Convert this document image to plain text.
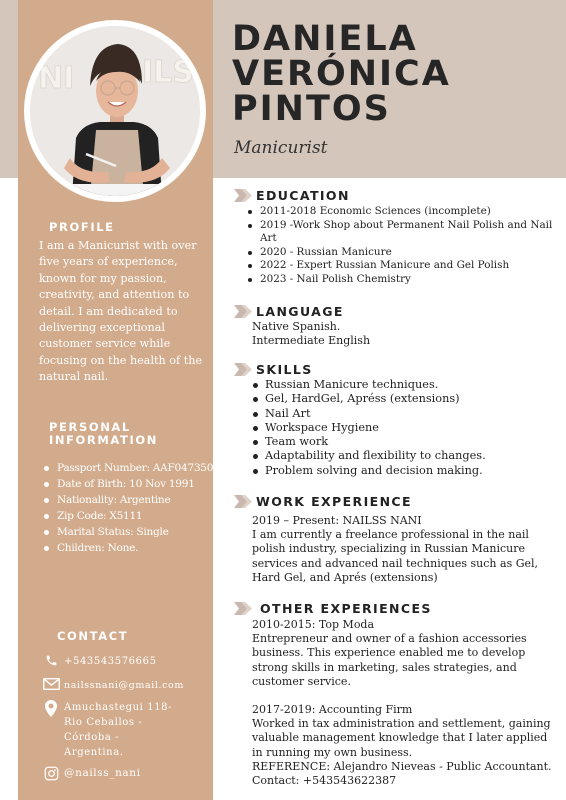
NI ILS
DANIELA
VERÓNICA
PINTOS
Manicurist
PROFILE
I am a Manicurist with over five years of experience, known for my passion, creativity, and attention to detail. I am dedicated to delivering exceptional customer service while focusing on the health of the natural nail.
PERSONAL
INFORMATION
Passport Number: AAF047350
Date of Birth: 10 Nov 1991
Nationality: Argentine
Zip Code: X5111
Marital Status: Single
Children: None.
CONTACT
+543543576665
nailssnani@gmail.com
Amuchastegui 118-
Rio Ceballos -
Córdoba -
Argentina.
@nailss_nani
EDUCATION
2011-2018 Economic Sciences (incomplete)
2019 -Work Shop about Permanent Nail Polish and Nail Art
2020 - Russian Manicure
2022 - Expert Russian Manicure and Gel Polish
2023 - Nail Polish Chemistry
LANGUAGE
Native Spanish.
Intermediate English
SKILLS
Russian Manicure techniques.
Gel, HardGel, Apréss (extensions)
Nail Art
Workspace Hygiene
Team work
Adaptability and flexibility to changes.
Problem solving and decision making.
WORK EXPERIENCE
2019 – Present: NAILSS NANI
I am currently a freelance professional in the nail polish industry, specializing in Russian Manicure services and advanced nail techniques such as Gel, Hard Gel, and Aprés (extensions)
OTHER EXPERIENCES
2010-2015: Top Moda
Entrepreneur and owner of a fashion accessories business. This experience enabled me to develop strong skills in marketing, sales strategies, and customer service.
2017-2019: Accounting Firm
Worked in tax administration and settlement, gaining valuable management knowledge that I later applied in running my own business.
REFERENCE: Alejandro Nieveas - Public Accountant.
Contact: +543543622387
